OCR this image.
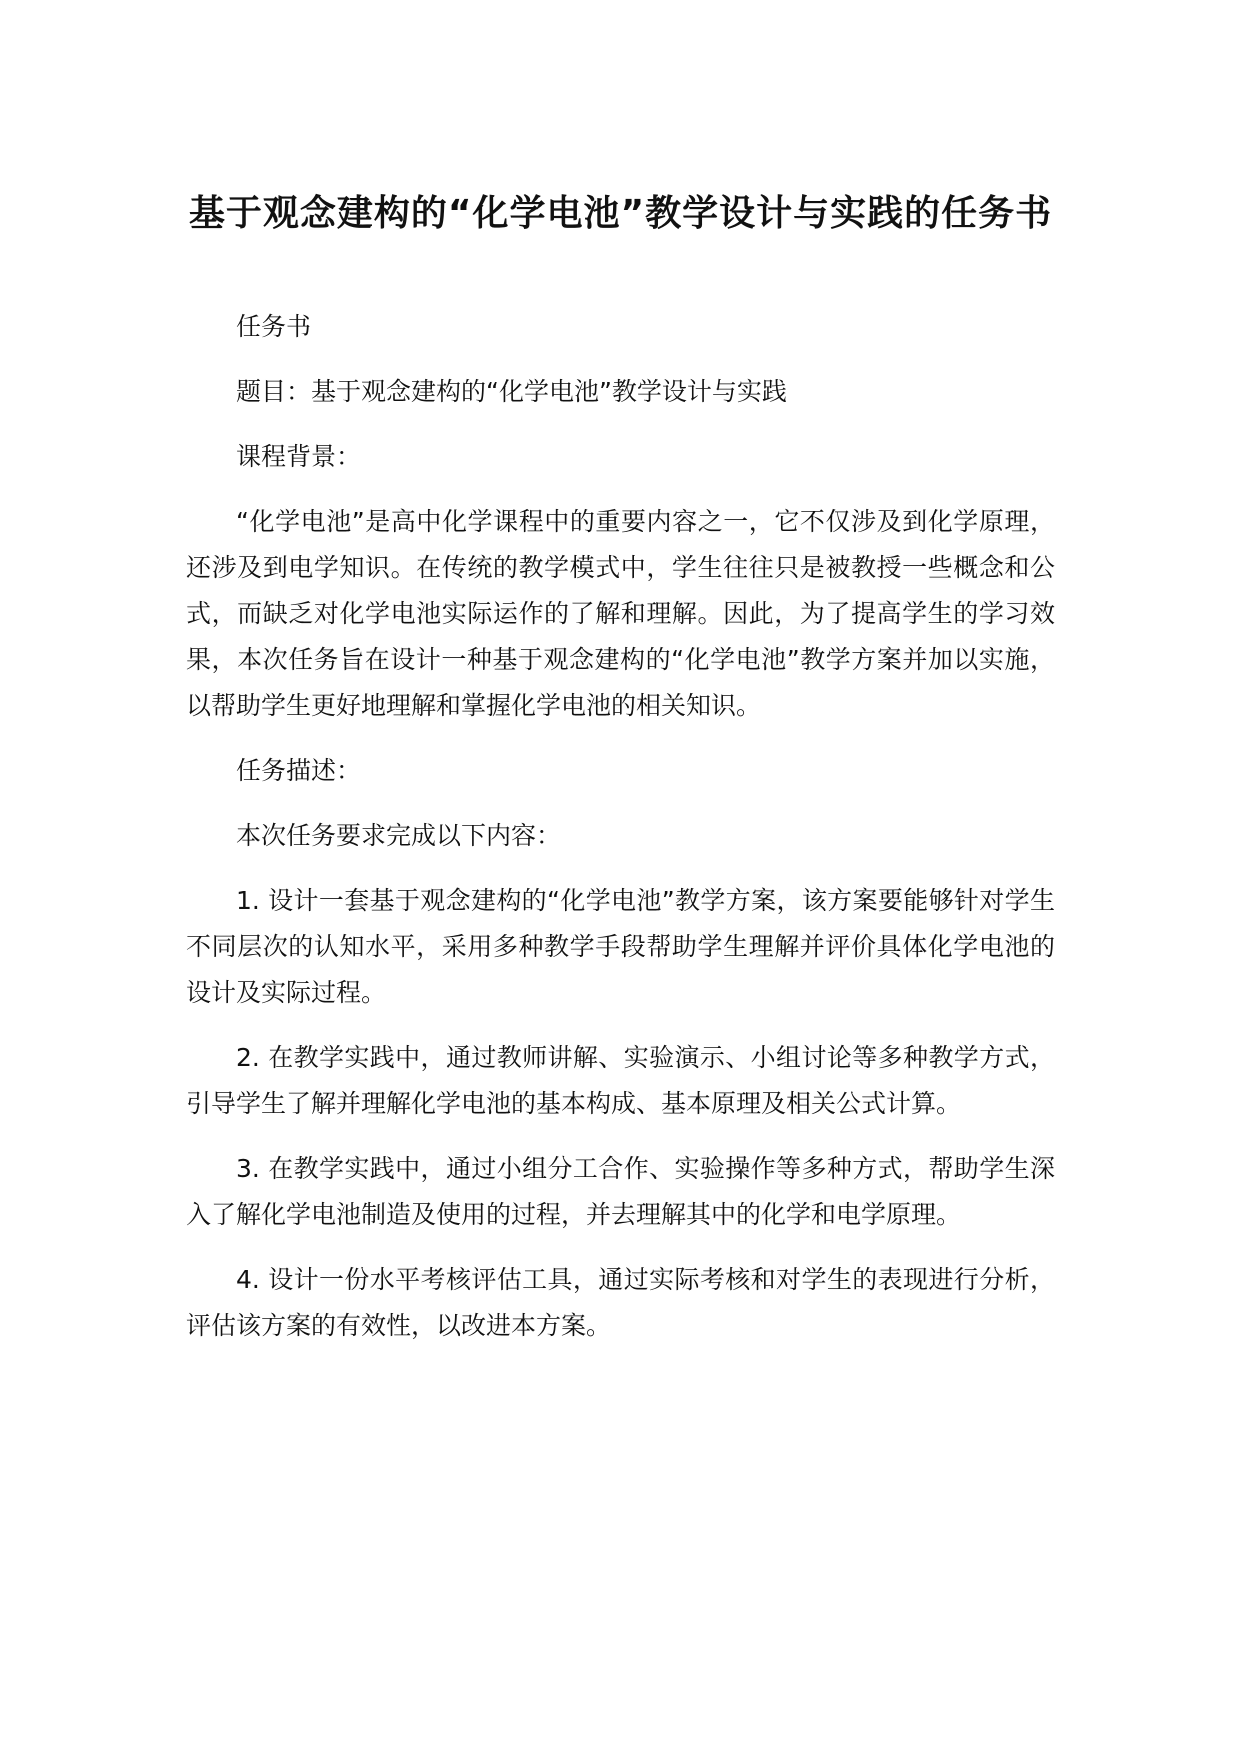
基于观念建构的“化学电池”教学设计与实践的任务书

任务书

题目：基于观念建构的“化学电池”教学设计与实践

课程背景：

“化学电池”是高中化学课程中的重要内容之一，它不仅涉及到化学原理，还涉及到电学知识。在传统的教学模式中，学生往往只是被教授一些概念和公式，而缺乏对化学电池实际运作的了解和理解。因此，为了提高学生的学习效果，本次任务旨在设计一种基于观念建构的“化学电池”教学方案并加以实施，以帮助学生更好地理解和掌握化学电池的相关知识。

任务描述：

本次任务要求完成以下内容：

1. 设计一套基于观念建构的“化学电池”教学方案，该方案要能够针对学生不同层次的认知水平，采用多种教学手段帮助学生理解并评价具体化学电池的设计及实际过程。

2. 在教学实践中，通过教师讲解、实验演示、小组讨论等多种教学方式，引导学生了解并理解化学电池的基本构成、基本原理及相关公式计算。

3. 在教学实践中，通过小组分工合作、实验操作等多种方式，帮助学生深入了解化学电池制造及使用的过程，并去理解其中的化学和电学原理。

4. 设计一份水平考核评估工具，通过实际考核和对学生的表现进行分析，评估该方案的有效性，以改进本方案。
